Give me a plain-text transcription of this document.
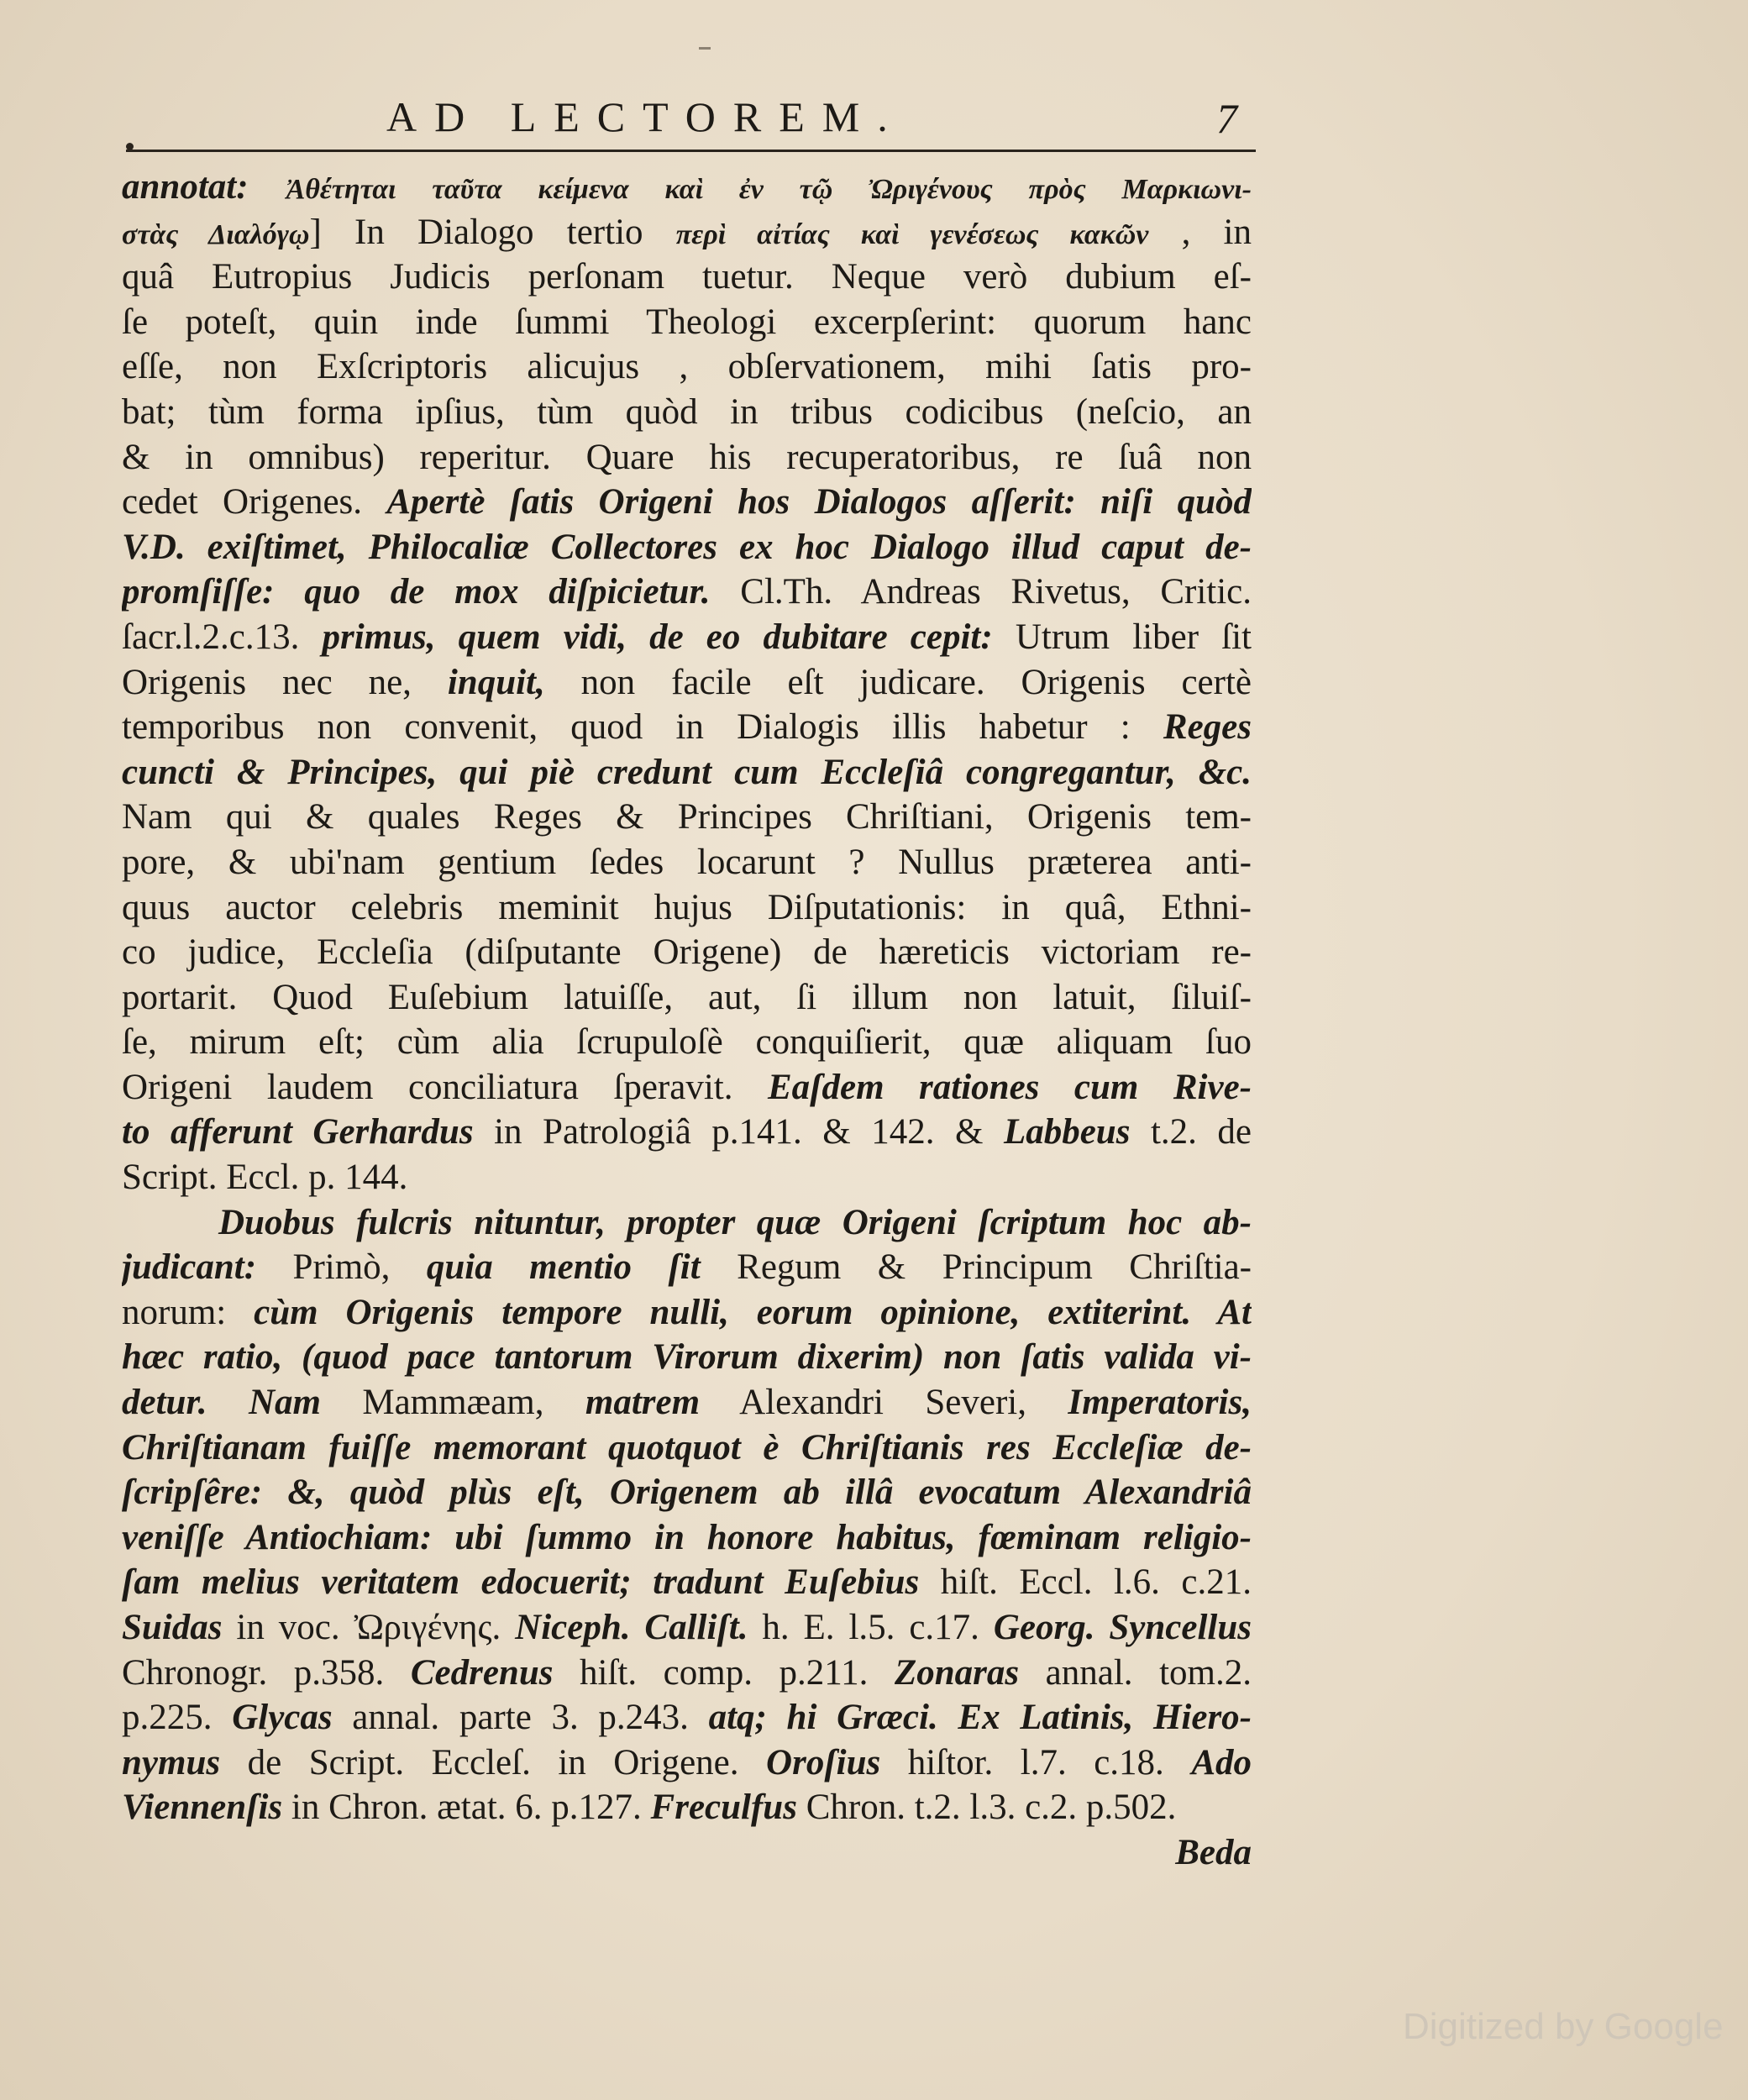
AD LECTOREM.	7
annotat: Ἀθέτηται ταῦτα κείμενα καὶ ἐν τῷ Ὠριγένους πρὸς Μαρκιωνι-
στὰς Διαλόγῳ] In Dialogo tertio περὶ αἰτίας καὶ γενέσεως κακῶν , in
quâ Eutropius Judicis perſonam tuetur. Neque verò dubium eſ-
ſe poteſt, quin inde ſummi Theologi excerpſerint: quorum hanc
eſſe, non Exſcriptoris alicujus , obſervationem, mihi ſatis pro-
bat; tùm forma ipſius, tùm quòd in tribus codicibus (neſcio, an
& in omnibus) reperitur. Quare his recuperatoribus, re ſuâ non
cedet Origenes. Apertè ſatis Origeni hos Dialogos aſſerit: niſi quòd
V.D. exiſtimet, Philocaliæ Collectores ex hoc Dialogo illud caput de-
promſiſſe: quo de mox diſpicietur. Cl.Th. Andreas Rivetus, Critic.
ſacr.l.2.c.13. primus, quem vidi, de eo dubitare cepit: Utrum liber ſit
Origenis nec ne, inquit, non facile eſt judicare. Origenis certè
temporibus non convenit, quod in Dialogis illis habetur : Reges
cuncti & Principes, qui piè credunt cum Eccleſiâ congregantur, &c.
Nam qui & quales Reges & Principes Chriſtiani, Origenis tem-
pore, & ubi'nam gentium ſedes locarunt ? Nullus præterea anti-
quus auctor celebris meminit hujus Diſputationis: in quâ, Ethni-
co judice, Eccleſia (diſputante Origene) de hæreticis victoriam re-
portarit. Quod Euſebium latuiſſe, aut, ſi illum non latuit, ſiluiſ-
ſe, mirum eſt; cùm alia ſcrupuloſè conquiſierit, quæ aliquam ſuo
Origeni laudem conciliatura ſperavit. Eaſdem rationes cum Rive-
to afferunt Gerhardus in Patrologiâ p.141. & 142. & Labbeus t.2. de
Script. Eccl. p. 144.
Duobus fulcris nituntur, propter quæ Origeni ſcriptum hoc ab-
judicant: Primò, quia mentio ſit Regum & Principum Chriſtia-
norum: cùm Origenis tempore nulli, eorum opinione, extiterint. At
hæc ratio, (quod pace tantorum Virorum dixerim) non ſatis valida vi-
detur. Nam Mammæam, matrem Alexandri Severi, Imperatoris,
Chriſtianam fuiſſe memorant quotquot è Chriſtianis res Eccleſiæ de-
ſcripſêre: &, quòd plùs eſt, Origenem ab illâ evocatum Alexandriâ
veniſſe Antiochiam: ubi ſummo in honore habitus, fœminam religio-
ſam melius veritatem edocuerit; tradunt Euſebius hiſt. Eccl. l.6. c.21.
Suidas in voc. Ὠριγένης. Niceph. Calliſt. h. E. l.5. c.17. Georg. Syncellus
Chronogr. p.358. Cedrenus hiſt. comp. p.211. Zonaras annal. tom.2.
p.225. Glycas annal. parte 3. p.243. atq; hi Græci. Ex Latinis, Hiero-
nymus de Script. Eccleſ. in Origene. Oroſius hiſtor. l.7. c.18. Ado
Viennenſis in Chron. ætat. 6. p.127. Freculfus Chron. t.2. l.3. c.2. p.502.
Beda
Digitized by Google
